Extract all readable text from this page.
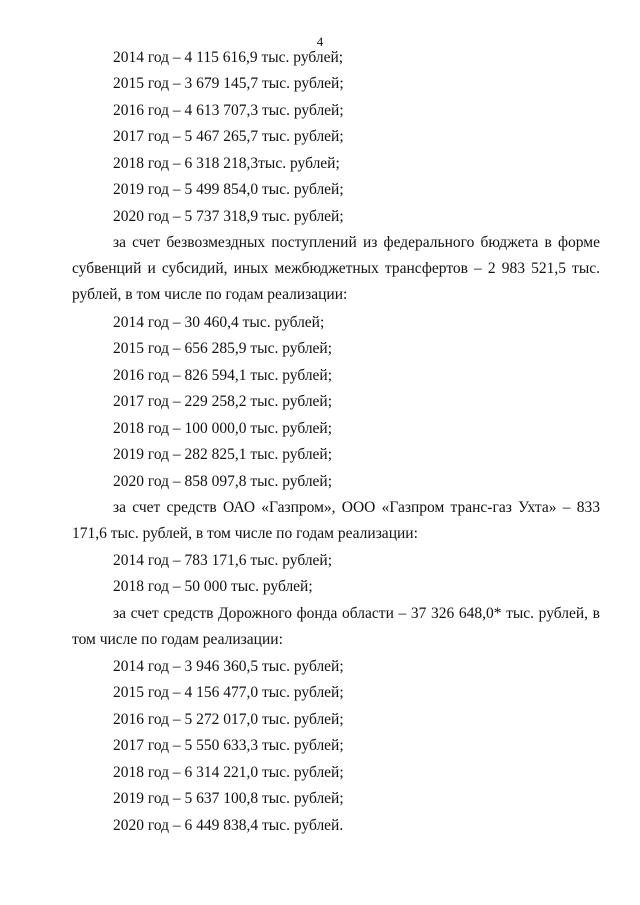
4
2014 год – 4 115 616,9 тыс. рублей;
2015 год – 3 679 145,7 тыс. рублей;
2016 год – 4 613 707,3 тыс. рублей;
2017 год – 5 467 265,7 тыс. рублей;
2018 год – 6 318 218,3тыс. рублей;
2019 год – 5 499 854,0 тыс. рублей;
2020 год – 5 737 318,9 тыс. рублей;
за счет безвозмездных поступлений из федерального бюджета в форме
субвенций и субсидий, иных межбюджетных трансфертов – 2 983 521,5 тыс.
рублей, в том числе по годам реализации:
2014 год – 30 460,4 тыс. рублей;
2015 год – 656 285,9 тыс. рублей;
2016 год – 826 594,1 тыс. рублей;
2017 год – 229 258,2 тыс. рублей;
2018 год – 100 000,0 тыс. рублей;
2019 год – 282 825,1 тыс. рублей;
2020 год – 858 097,8 тыс. рублей;
за счет средств ОАО «Газпром», ООО «Газпром транс-газ Ухта» – 833
171,6 тыс. рублей, в том числе по годам реализации:
2014 год – 783 171,6 тыс. рублей;
2018 год – 50 000 тыс. рублей;
за счет средств Дорожного фонда области – 37 326 648,0* тыс. рублей, в
том числе по годам реализации:
2014 год – 3 946 360,5 тыс. рублей;
2015 год – 4 156 477,0 тыс. рублей;
2016 год – 5 272 017,0 тыс. рублей;
2017 год – 5 550 633,3 тыс. рублей;
2018 год – 6 314 221,0 тыс. рублей;
2019 год – 5 637 100,8 тыс. рублей;
2020 год – 6 449 838,4 тыс. рублей.
